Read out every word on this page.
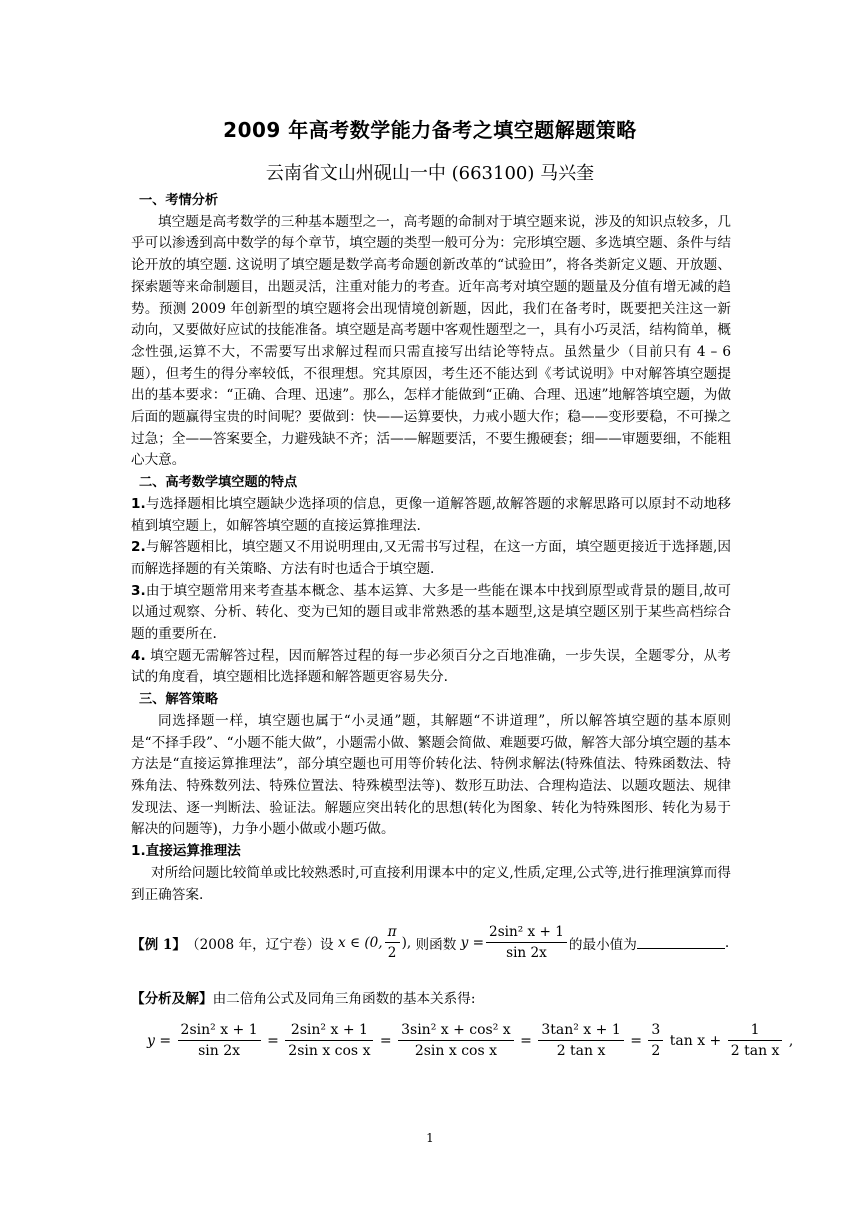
2009 年高考数学能力备考之填空题解题策略
云南省文山州砚山一中 (663100) 马兴奎

一、考情分析

填空题是高考数学的三种基本题型之一，高考题的命制对于填空题来说，涉及的知识点较多，几乎可以渗透到高中数学的每个章节，填空题的类型一般可分为：完形填空题、多选填空题、条件与结论开放的填空题. 这说明了填空题是数学高考命题创新改革的“试验田”，将各类新定义题、开放题、探索题等来命制题目，出题灵活，注重对能力的考查。近年高考对填空题的题量及分值有增无减的趋势。预测 2009 年创新型的填空题将会出现情境创新题，因此，我们在备考时，既要把关注这一新动向，又要做好应试的技能准备。填空题是高考题中客观性题型之一，具有小巧灵活，结构简单，概念性强,运算不大，不需要写出求解过程而只需直接写出结论等特点。虽然量少（目前只有 4 – 6 题），但考生的得分率较低，不很理想。究其原因，考生还不能达到《考试说明》中对解答填空题提出的基本要求：“正确、合理、迅速”。那么，怎样才能做到“正确、合理、迅速”地解答填空题，为做后面的题赢得宝贵的时间呢？要做到：快——运算要快，力戒小题大作；稳——变形要稳，不可操之过急；全——答案要全，力避残缺不齐；活——解题要活，不要生搬硬套；细——审题要细，不能粗心大意。

二、高考数学填空题的特点

1.与选择题相比填空题缺少选择项的信息，更像一道解答题,故解答题的求解思路可以原封不动地移植到填空题上，如解答填空题的直接运算推理法.

2.与解答题相比，填空题又不用说明理由,又无需书写过程，在这一方面，填空题更接近于选择题,因而解选择题的有关策略、方法有时也适合于填空题.

3.由于填空题常用来考查基本概念、基本运算、大多是一些能在课本中找到原型或背景的题目,故可以通过观察、分析、转化、变为已知的题目或非常熟悉的基本题型,这是填空题区别于某些高档综合题的重要所在.

4. 填空题无需解答过程，因而解答过程的每一步必须百分之百地准确，一步失误，全题零分，从考试的角度看，填空题相比选择题和解答题更容易失分.

三、解答策略

同选择题一样，填空题也属于“小灵通”题，其解题“不讲道理”，所以解答填空题的基本原则是“不择手段”、“小题不能大做”，小题需小做、繁题会简做、难题要巧做，解答大部分填空题的基本方法是“直接运算推理法”，部分填空题也可用等价转化法、特例求解法(特殊值法、特殊函数法、特殊角法、特殊数列法、特殊位置法、特殊模型法等)、数形互助法、合理构造法、以题攻题法、规律发现法、逐一判断法、验证法。解题应突出转化的思想(转化为图象、转化为特殊图形、转化为易于解决的问题等)，力争小题小做或小题巧做。

1.直接运算推理法

对所给问题比较简单或比较熟悉时,可直接利用课本中的定义,性质,定理,公式等,进行推理演算而得到正确答案.

【例 1】（2008 年，辽宁卷）设 x ∈ (0, $\frac{\pi}{2}$ ), 则函数 $y = \frac{\text{2sin² x + 1}}{\sin 2x}$ 的最小值为	.
【分析及解】由二倍角公式及同角三角函数的基本关系得:
$y = \frac{\text{2sin² x + 1}}{\sin 2x} = \frac{\text{2sin² x + 1}}{\text{2sin x cos x}} = \frac{\text{3sin² x + cos² x}}{\text{2sin x cos x}} = \frac{\text{3tan² x + 1}}{\text{2 tan x}} = \frac{3}{2}$ $\tan x + \frac{1}{\text{2 tan x}}$ ,
1
